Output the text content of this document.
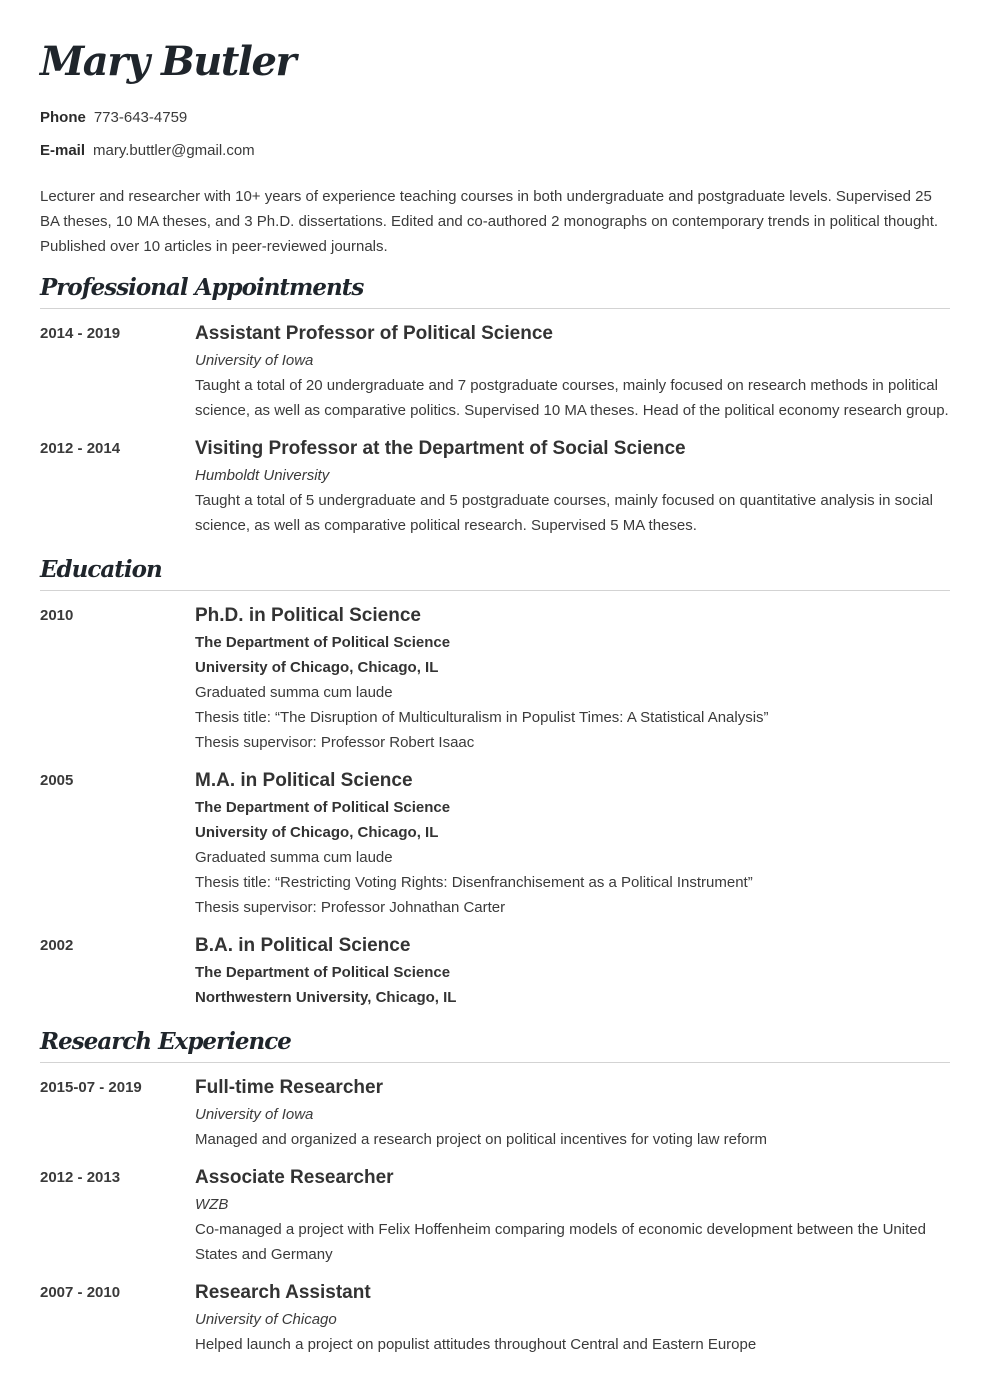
Mary Butler
Phone 773-643-4759
E-mail mary.buttler@gmail.com

Lecturer and researcher with 10+ years of experience teaching courses in both undergraduate and postgraduate levels. Supervised 25 BA theses, 10 MA theses, and 3 Ph.D. dissertations. Edited and co-authored 2 monographs on contemporary trends in political thought. Published over 10 articles in peer-reviewed journals.

Professional Appointments
2014 - 2019	Assistant Professor of Political Science
University of Iowa
Taught a total of 20 undergraduate and 7 postgraduate courses, mainly focused on research methods in political science, as well as comparative politics. Supervised 10 MA theses. Head of the political economy research group.
2012 - 2014	Visiting Professor at the Department of Social Science
Humboldt University
Taught a total of 5 undergraduate and 5 postgraduate courses, mainly focused on quantitative analysis in social science, as well as comparative political research. Supervised 5 MA theses.
Education
2010	Ph.D. in Political Science
The Department of Political Science
University of Chicago, Chicago, IL
Graduated summa cum laude
Thesis title: “The Disruption of Multiculturalism in Populist Times: A Statistical Analysis”
Thesis supervisor: Professor Robert Isaac
2005	M.A. in Political Science
The Department of Political Science
University of Chicago, Chicago, IL
Graduated summa cum laude
Thesis title: “Restricting Voting Rights: Disenfranchisement as a Political Instrument”
Thesis supervisor: Professor Johnathan Carter
2002	B.A. in Political Science
The Department of Political Science
Northwestern University, Chicago, IL
Research Experience
2015-07 - 2019	Full-time Researcher
University of Iowa
Managed and organized a research project on political incentives for voting law reform
2012 - 2013	Associate Researcher
WZB
Co-managed a project with Felix Hoffenheim comparing models of economic development between the United States and Germany
2007 - 2010	Research Assistant
University of Chicago
Helped launch a project on populist attitudes throughout Central and Eastern Europe
